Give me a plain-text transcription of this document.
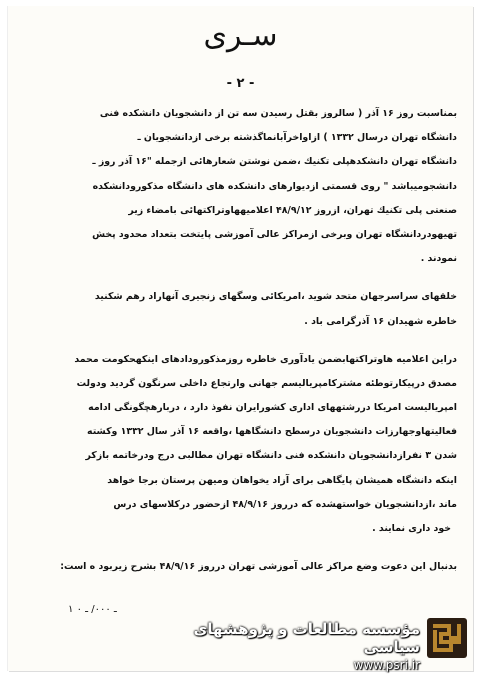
سـرى
- ۲ -
بمناسبت روز ۱۶ آذر ( سالروز بقتل رسيدن سه تن از دانشجويان دانشكده فنى
دانشگاه تهران درسال ۱۳۳۲ ) ازاواخرآبانماگذشته برخى ازدانشجويان ـ
دانشگاه تهران دانشكدهپلى تكنيك ،ضمن نوشتن شعارهائى ازجمله "۱۶ آذر روز ـ
دانشجوميباشد " روى قسمتى ازديوارهاى دانشكده هاى دانشگاه مذكورودانشكده
صنعتى پلى تكنيك تهران، ازروز ۴۸/۹/۱۲ اعلاميههاوتراكتهائى بامضاء زير
تهيهودردانشگاه تهران وبرخى ازمراكز عالى آموزشى پايتخت بتعداد محدود پخش
نمودند .
خلقهاى سراسرجهان متحد شويد ،امريكائى وسگهاى زنجيرى آنهاراد رهم شكنيد
خاطره شهيدان ۱۶ آذرگرامى باد .
دراين اعلاميه هاوتراكتهابضمن يادآورى خاطره روزمذكورودادهاى اينكهحكومت محمد
مصدق درپيكارتوطئه مشتركامپرياليسم جهانى وارتجاع داخلى سرنگون گرديد ودولت
امپرياليست امريكا دررشتههاى ادارى كشورايران نفوذ دارد ، دربارهچگونگى ادامه
فعاليتهاوجهارزات دانشجويان درسطح دانشگاهها ،واقعه ۱۶ آذر سال ۱۳۳۲ وكشته
شدن ۳ نفرازدانشجويان دانشكده فنى دانشگاه تهران مطالبى درج ودرخاتمه بازكر
اينكه دانشگاه هميشان پايگاهى براى آزاد يخواهان وميهن پرستان برجا خواهد
ماند ،ازدانشجويان خواستهشده كه درروز ۴۸/۹/۱۶ ازحضور دركلاسهاى درس
خود دارى نمايند .
بدنبال اين دعوت وضع مراكز عالى آموزشى تهران درروز ۴۸/۹/۱۶ بشرح زيربود ه است:
۱ ـ ۰۰۰/ ـ ۰
مؤسسه مطالعات و پژوهشهای سیاسی
www.psri.ir
